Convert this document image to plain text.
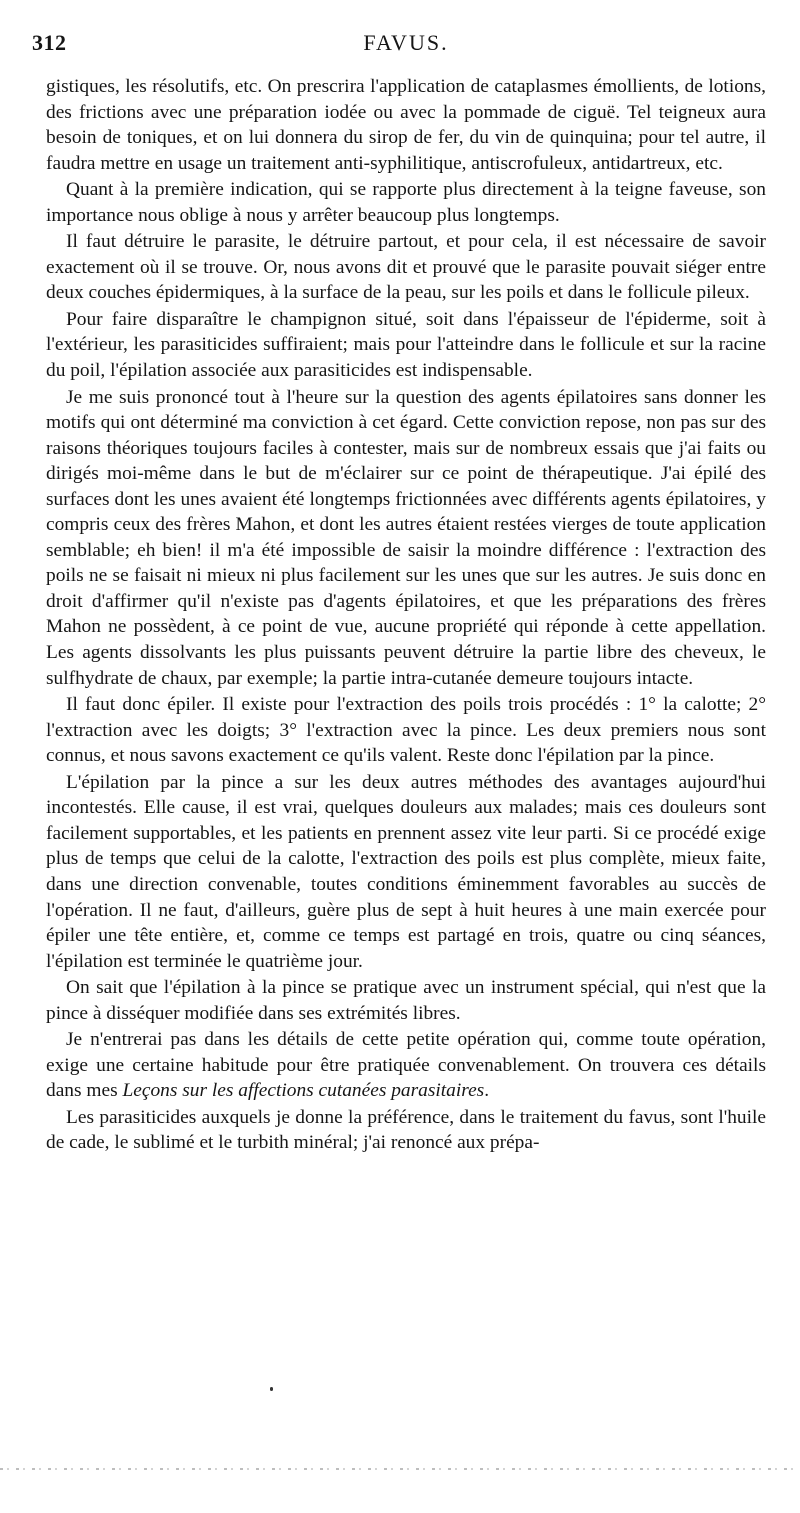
312	FAVUS.

gistiques, les résolutifs, etc. On prescrira l'application de cataplasmes émollients, de lotions, des frictions avec une préparation iodée ou avec la pommade de ciguë. Tel teigneux aura besoin de toniques, et on lui donnera du sirop de fer, du vin de quinquina; pour tel autre, il faudra mettre en usage un traitement anti-syphilitique, antiscrofuleux, antidartreux, etc.

Quant à la première indication, qui se rapporte plus directement à la teigne faveuse, son importance nous oblige à nous y arrêter beaucoup plus longtemps.

Il faut détruire le parasite, le détruire partout, et pour cela, il est nécessaire de savoir exactement où il se trouve. Or, nous avons dit et prouvé que le parasite pouvait siéger entre deux couches épidermiques, à la surface de la peau, sur les poils et dans le follicule pileux.

Pour faire disparaître le champignon situé, soit dans l'épaisseur de l'épiderme, soit à l'extérieur, les parasiticides suffiraient; mais pour l'atteindre dans le follicule et sur la racine du poil, l'épilation associée aux parasiticides est indispensable.

Je me suis prononcé tout à l'heure sur la question des agents épilatoires sans donner les motifs qui ont déterminé ma conviction à cet égard. Cette conviction repose, non pas sur des raisons théoriques toujours faciles à contester, mais sur de nombreux essais que j'ai faits ou dirigés moi-même dans le but de m'éclairer sur ce point de thérapeutique. J'ai épilé des surfaces dont les unes avaient été longtemps frictionnées avec différents agents épilatoires, y compris ceux des frères Mahon, et dont les autres étaient restées vierges de toute application semblable; eh bien! il m'a été impossible de saisir la moindre différence : l'extraction des poils ne se faisait ni mieux ni plus facilement sur les unes que sur les autres. Je suis donc en droit d'affirmer qu'il n'existe pas d'agents épilatoires, et que les préparations des frères Mahon ne possèdent, à ce point de vue, aucune propriété qui réponde à cette appellation. Les agents dissolvants les plus puissants peuvent détruire la partie libre des cheveux, le sulfhydrate de chaux, par exemple; la partie intra-cutanée demeure toujours intacte.

Il faut donc épiler. Il existe pour l'extraction des poils trois procédés : 1° la calotte; 2° l'extraction avec les doigts; 3° l'extraction avec la pince. Les deux premiers nous sont connus, et nous savons exactement ce qu'ils valent. Reste donc l'épilation par la pince.

L'épilation par la pince a sur les deux autres méthodes des avantages aujourd'hui incontestés. Elle cause, il est vrai, quelques douleurs aux malades; mais ces douleurs sont facilement supportables, et les patients en prennent assez vite leur parti. Si ce procédé exige plus de temps que celui de la calotte, l'extraction des poils est plus complète, mieux faite, dans une direction convenable, toutes conditions éminemment favorables au succès de l'opération. Il ne faut, d'ailleurs, guère plus de sept à huit heures à une main exercée pour épiler une tête entière, et, comme ce temps est partagé en trois, quatre ou cinq séances, l'épilation est terminée le quatrième jour.

On sait que l'épilation à la pince se pratique avec un instrument spécial, qui n'est que la pince à disséquer modifiée dans ses extrémités libres.

Je n'entrerai pas dans les détails de cette petite opération qui, comme toute opération, exige une certaine habitude pour être pratiquée convenablement. On trouvera ces détails dans mes Leçons sur les affections cutanées parasitaires.

Les parasiticides auxquels je donne la préférence, dans le traitement du favus, sont l'huile de cade, le sublimé et le turbith minéral; j'ai renoncé aux prépa-
